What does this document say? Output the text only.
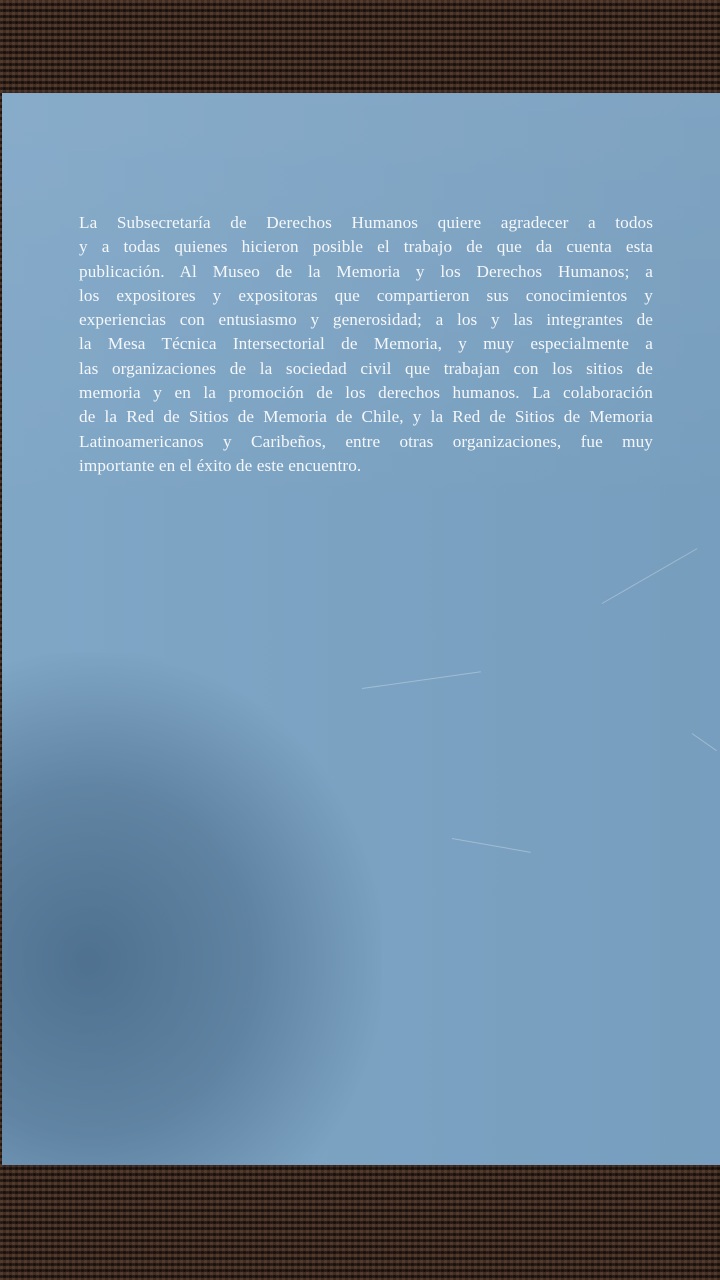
La Subsecretaría de Derechos Humanos quiere agradecer a todos
y a todas quienes hicieron posible el trabajo de que da cuenta esta
publicación. Al Museo de la Memoria y los Derechos Humanos; a
los expositores y expositoras que compartieron sus conocimientos y
experiencias con entusiasmo y generosidad; a los y las integrantes de
la Mesa Técnica Intersectorial de Memoria, y muy especialmente a
las organizaciones de la sociedad civil que trabajan con los sitios de
memoria y en la promoción de los derechos humanos. La colaboración
de la Red de Sitios de Memoria de Chile, y la Red de Sitios de Memoria
Latinoamericanos y Caribeños, entre otras organizaciones, fue muy
importante en el éxito de este encuentro.
